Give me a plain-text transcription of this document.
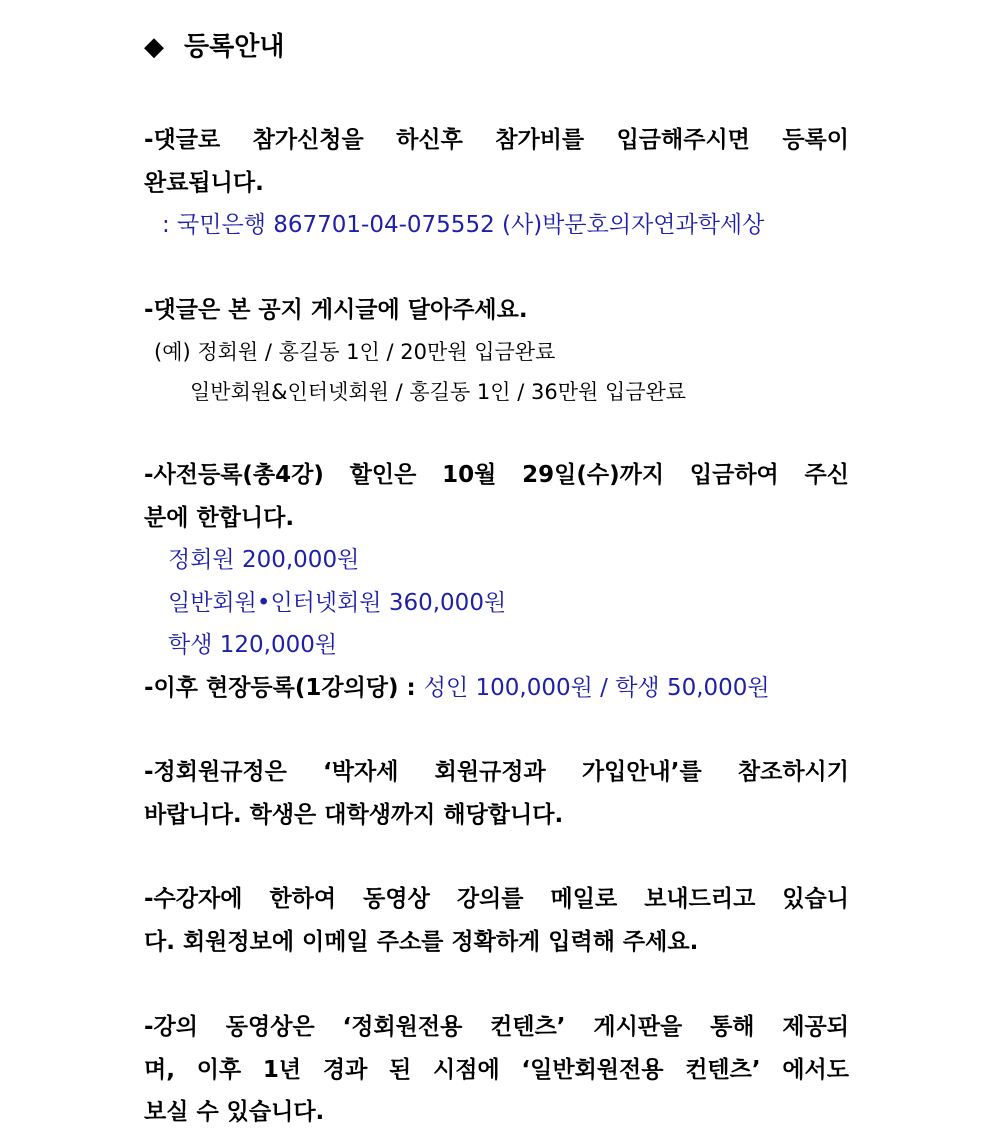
◆ 등록안내
-댓글로 참가신청을 하신후 참가비를 입금해주시면 등록이
완료됩니다.
: 국민은행 867701-04-075552 (사)박문호의자연과학세상
-댓글은 본 공지 게시글에 달아주세요.
(예) 정회원 / 홍길동 1인 / 20만원 입금완료
일반회원&인터넷회원 / 홍길동 1인 / 36만원 입금완료
-사전등록(총4강) 할인은 10월 29일(수)까지 입금하여 주신
분에 한합니다.
정회원 200,000원
일반회원•인터넷회원 360,000원
학생 120,000원
-이후 현장등록(1강의당) : 성인 100,000원 / 학생 50,000원
-정회원규정은 ‘박자세 회원규정과 가입안내’를 참조하시기
바랍니다. 학생은 대학생까지 해당합니다.
-수강자에 한하여 동영상 강의를 메일로 보내드리고 있습니
다. 회원정보에 이메일 주소를 정확하게 입력해 주세요.
-강의 동영상은 ‘정회원전용 컨텐츠’ 게시판을 통해 제공되
며, 이후 1년 경과 된 시점에 ‘일반회원전용 컨텐츠’ 에서도
보실 수 있습니다.
